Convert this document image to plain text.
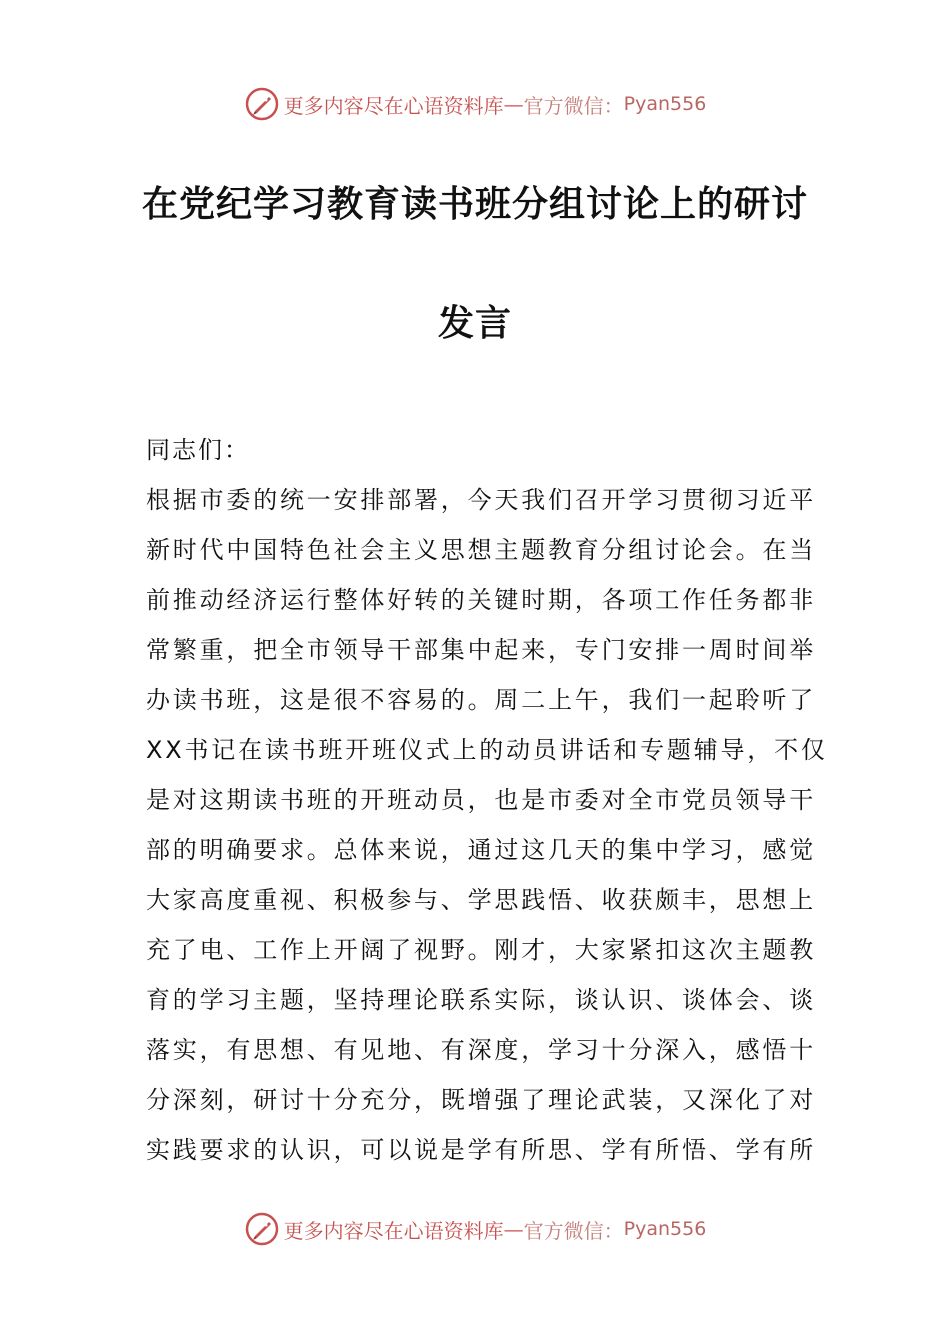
更多内容尽在心语资料库 — 官方微信： Pyan556
在党纪学习教育读书班分组讨论上的研讨
发言
同志们：
根据市委的统一安排部署，今天我们召开学习贯彻习近平
新时代中国特色社会主义思想主题教育分组讨论会。在当
前推动经济运行整体好转的关键时期，各项工作任务都非
常繁重，把全市领导干部集中起来，专门安排一周时间举
办读书班，这是很不容易的。周二上午，我们一起聆听了
XX书记在读书班开班仪式上的动员讲话和专题辅导，不仅
是对这期读书班的开班动员，也是市委对全市党员领导干
部的明确要求。总体来说，通过这几天的集中学习，感觉
大家高度重视、积极参与、学思践悟、收获颇丰，思想上
充了电、工作上开阔了视野。刚才，大家紧扣这次主题教
育的学习主题，坚持理论联系实际，谈认识、谈体会、谈
落实，有思想、有见地、有深度，学习十分深入，感悟十
分深刻，研讨十分充分，既增强了理论武装，又深化了对
实践要求的认识，可以说是学有所思、学有所悟、学有所
更多内容尽在心语资料库 — 官方微信： Pyan556
